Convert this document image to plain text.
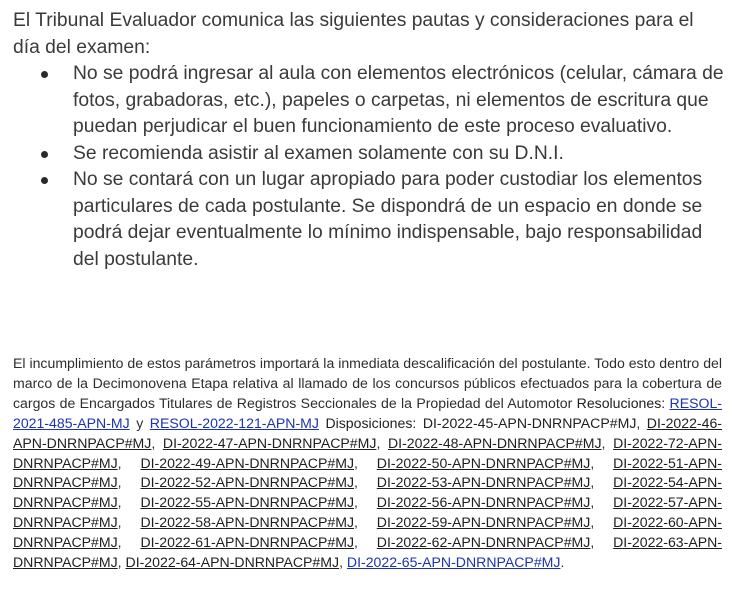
El Tribunal Evaluador comunica las siguientes pautas y consideraciones para el día del examen:

No se podrá ingresar al aula con elementos electrónicos (celular, cámara de fotos, grabadoras, etc.), papeles o carpetas, ni elementos de escritura que puedan perjudicar el buen funcionamiento de este proceso evaluativo.
Se recomienda asistir al examen solamente con su D.N.I.
No se contará con un lugar apropiado para poder custodiar los elementos particulares de cada postulante. Se dispondrá de un espacio en donde se podrá dejar eventualmente lo mínimo indispensable, bajo responsabilidad del postulante.

El incumplimiento de estos parámetros importará la inmediata descalificación del postulante. Todo esto dentro del marco de la Decimonovena Etapa relativa al llamado de los concursos públicos efectuados para la cobertura de cargos de Encargados Titulares de Registros Seccionales de la Propiedad del Automotor Resoluciones: RESOL-2021-485-APN-MJ y RESOL-2022-121-APN-MJ Disposiciones: DI-2022-45-APN-DNRNPACP#MJ, DI-2022-46-APN-DNRNPACP#MJ, DI-2022-47-APN-DNRNPACP#MJ, DI-2022-48-APN-DNRNPACP#MJ, DI-2022-72-APN-DNRNPACP#MJ, DI-2022-49-APN-DNRNPACP#MJ, DI-2022-50-APN-DNRNPACP#MJ, DI-2022-51-APN-DNRNPACP#MJ, DI-2022-52-APN-DNRNPACP#MJ, DI-2022-53-APN-DNRNPACP#MJ, DI-2022-54-APN-DNRNPACP#MJ, DI-2022-55-APN-DNRNPACP#MJ, DI-2022-56-APN-DNRNPACP#MJ, DI-2022-57-APN-DNRNPACP#MJ, DI-2022-58-APN-DNRNPACP#MJ, DI-2022-59-APN-DNRNPACP#MJ, DI-2022-60-APN-DNRNPACP#MJ, DI-2022-61-APN-DNRNPACP#MJ, DI-2022-62-APN-DNRNPACP#MJ, DI-2022-63-APN-DNRNPACP#MJ, DI-2022-64-APN-DNRNPACP#MJ, DI-2022-65-APN-DNRNPACP#MJ.
